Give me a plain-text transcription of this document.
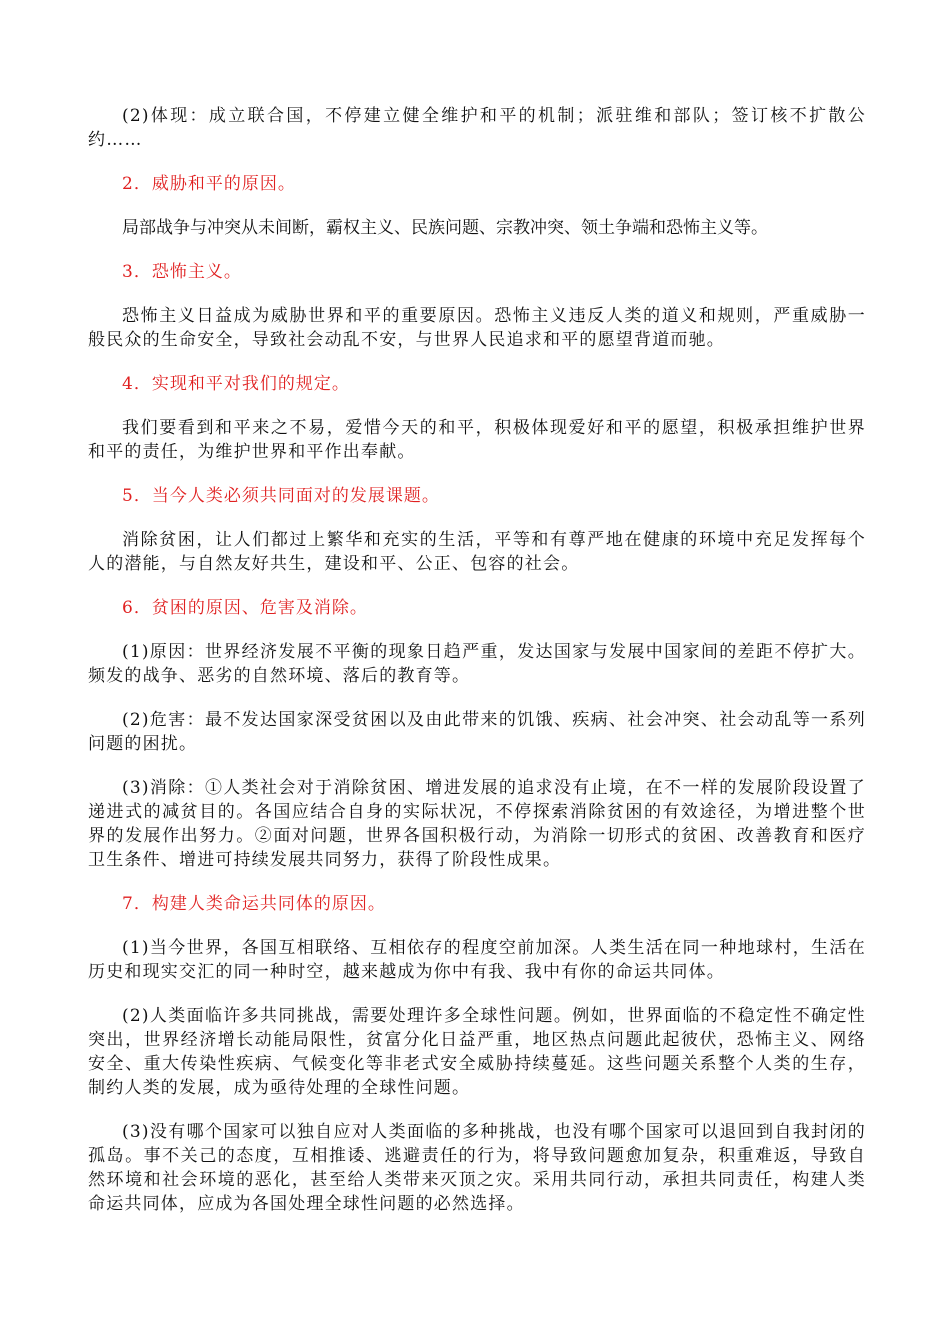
(2)体现：成立联合国，不停建立健全维护和平的机制；派驻维和部队；签订核不扩散公约……

2．威胁和平的原因。

局部战争与冲突从未间断，霸权主义、民族问题、宗教冲突、领土争端和恐怖主义等。

3．恐怖主义。

恐怖主义日益成为威胁世界和平的重要原因。恐怖主义违反人类的道义和规则，严重威胁一般民众的生命安全，导致社会动乱不安，与世界人民追求和平的愿望背道而驰。

4．实现和平对我们的规定。

我们要看到和平来之不易，爱惜今天的和平，积极体现爱好和平的愿望，积极承担维护世界和平的责任，为维护世界和平作出奉献。

5．当今人类必须共同面对的发展课题。

消除贫困，让人们都过上繁华和充实的生活，平等和有尊严地在健康的环境中充足发挥每个人的潜能，与自然友好共生，建设和平、公正、包容的社会。

6．贫困的原因、危害及消除。

(1)原因：世界经济发展不平衡的现象日趋严重，发达国家与发展中国家间的差距不停扩大。频发的战争、恶劣的自然环境、落后的教育等。

(2)危害：最不发达国家深受贫困以及由此带来的饥饿、疾病、社会冲突、社会动乱等一系列问题的困扰。

(3)消除：①人类社会对于消除贫困、增进发展的追求没有止境，在不一样的发展阶段设置了递进式的减贫目的。各国应结合自身的实际状况，不停探索消除贫困的有效途径，为增进整个世界的发展作出努力。②面对问题，世界各国积极行动，为消除一切形式的贫困、改善教育和医疗卫生条件、增进可持续发展共同努力，获得了阶段性成果。

7．构建人类命运共同体的原因。

(1)当今世界，各国互相联络、互相依存的程度空前加深。人类生活在同一种地球村，生活在历史和现实交汇的同一种时空，越来越成为你中有我、我中有你的命运共同体。

(2)人类面临许多共同挑战，需要处理许多全球性问题。例如，世界面临的不稳定性不确定性突出，世界经济增长动能局限性，贫富分化日益严重，地区热点问题此起彼伏，恐怖主义、网络安全、重大传染性疾病、气候变化等非老式安全威胁持续蔓延。这些问题关系整个人类的生存，制约人类的发展，成为亟待处理的全球性问题。

(3)没有哪个国家可以独自应对人类面临的多种挑战，也没有哪个国家可以退回到自我封闭的孤岛。事不关己的态度，互相推诿、逃避责任的行为，将导致问题愈加复杂，积重难返，导致自然环境和社会环境的恶化，甚至给人类带来灭顶之灾。采用共同行动，承担共同责任，构建人类命运共同体，应成为各国处理全球性问题的必然选择。
